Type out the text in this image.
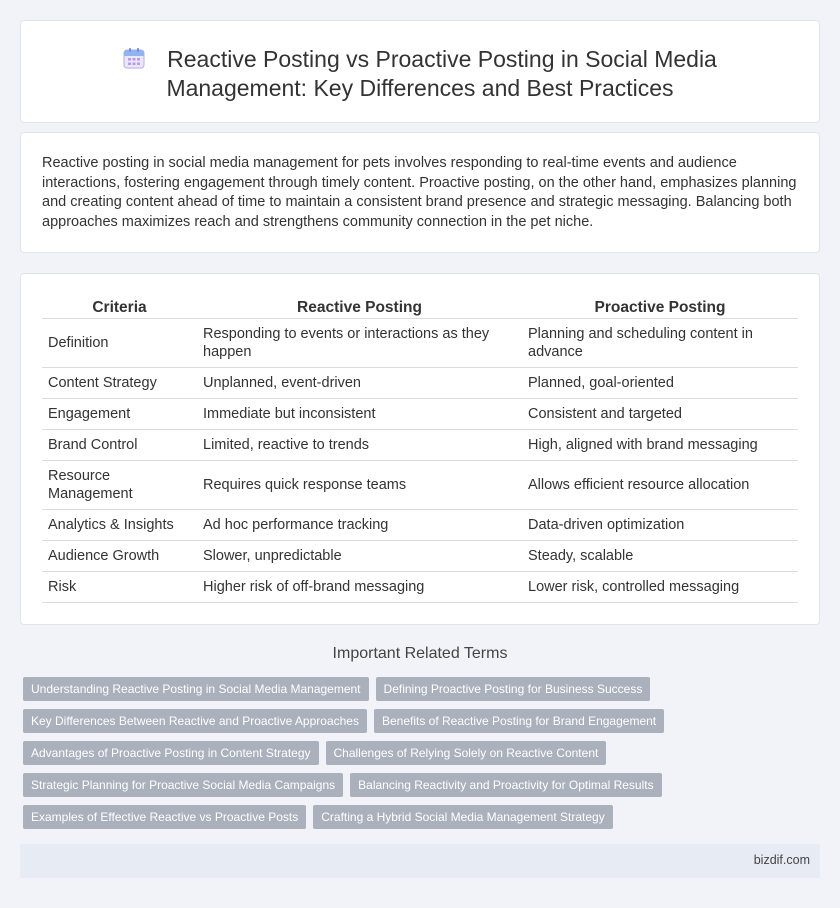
Reactive Posting vs Proactive Posting in Social Media Management: Key Differences and Best Practices

Reactive posting in social media management for pets involves responding to real-time events and audience interactions, fostering engagement through timely content. Proactive posting, on the other hand, emphasizes planning and creating content ahead of time to maintain a consistent brand presence and strategic messaging. Balancing both approaches maximizes reach and strengthens community connection in the pet niche.

Criteria	Reactive Posting	Proactive Posting
Definition	Responding to events or interactions as they happen	Planning and scheduling content in advance
Content Strategy	Unplanned, event-driven	Planned, goal-oriented
Engagement	Immediate but inconsistent	Consistent and targeted
Brand Control	Limited, reactive to trends	High, aligned with brand messaging
Resource Management	Requires quick response teams	Allows efficient resource allocation
Analytics & Insights	Ad hoc performance tracking	Data-driven optimization
Audience Growth	Slower, unpredictable	Steady, scalable
Risk	Higher risk of off-brand messaging	Lower risk, controlled messaging
Important Related Terms
Understanding Reactive Posting in Social Media Management	Defining Proactive Posting for Business Success
Key Differences Between Reactive and Proactive Approaches	Benefits of Reactive Posting for Brand Engagement
Advantages of Proactive Posting in Content Strategy	Challenges of Relying Solely on Reactive Content
Strategic Planning for Proactive Social Media Campaigns	Balancing Reactivity and Proactivity for Optimal Results
Examples of Effective Reactive vs Proactive Posts	Crafting a Hybrid Social Media Management Strategy
bizdif.com
